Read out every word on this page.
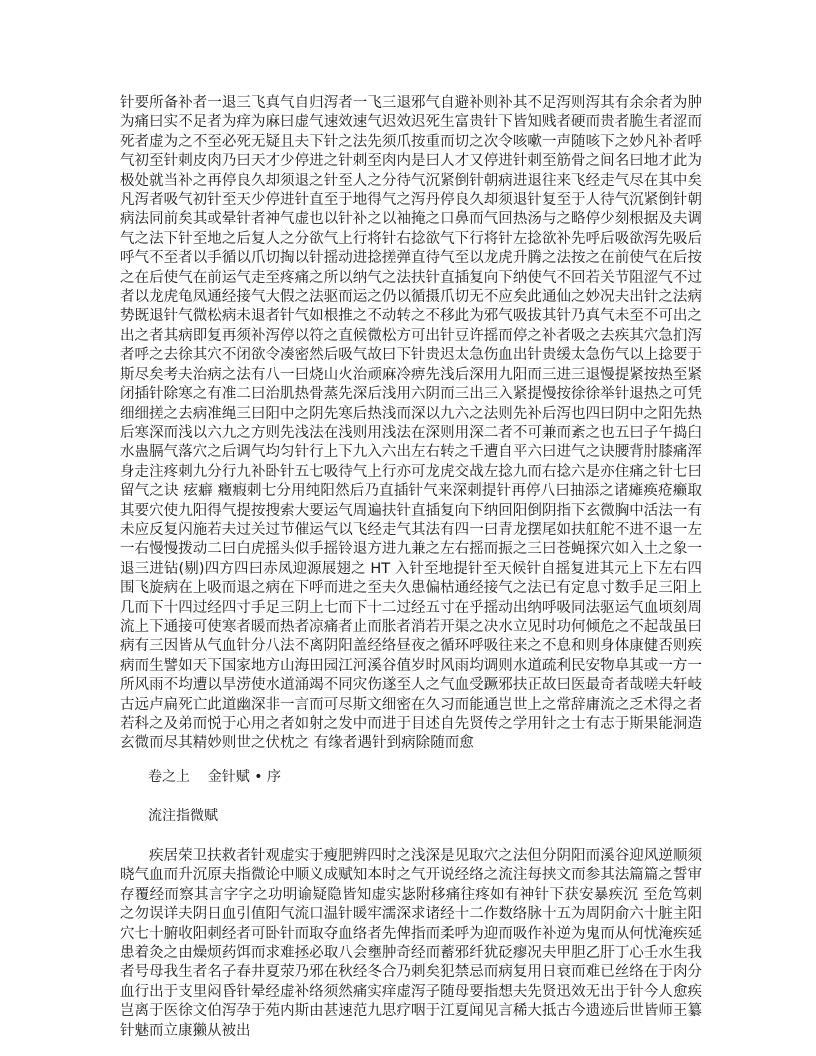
针要所备补者一退三飞真气自归泻者一飞三退邪气自避补则补其不足泻则泻其有余余者为肿为痛曰实不足者为痒为麻曰虚气速效速气迟效迟死生富贵针下皆知贱者硬而贵者脆生者涩而死者虚为之不至必死无疑且夫下针之法先须爪按重而切之次令咳嗽一声随咳下之妙凡补者呼气初至针刺皮肉乃曰天才少停进之针刺至肉内是曰人才又停进针刺至筋骨之间名曰地才此为极处就当补之再停良久却须退之针至人之分待气沉紧倒针朝病进退往来飞经走气尽在其中矣凡泻者吸气初针至天少停进针直至于地得气之泻丹停良久却须退针复至于人待气沉紧倒针朝病法同前矣其或晕针者神气虚也以针补之以袖掩之口鼻而气回热汤与之略停少刻根据及夫调气之法下针至地之后复人之分欲气上行将针右捻欲气下行将针左捻欲补先呼后吸欲泻先吸后呼气不至者以手循以爪切掏以针摇动进捻搓弹直待气至以龙虎升腾之法按之在前使气在后按之在后使气在前运气走至疼痛之所以纳气之法扶针直插复向下纳使气不回若关节阻涩气不过者以龙虎龟凤通经接气大假之法驱而运之仍以循摄爪切无不应矣此通仙之妙况夫出针之法病势既退针气微松病未退者针气如根推之不动转之不移此为邪气吸拔其针乃真气未至不可出之出之者其病即复再须补泻停以符之直候微松方可出针豆许摇而停之补者吸之去疾其穴急扪泻者呼之去徐其穴不闭欲令凑密然后吸气故曰下针贵迟太急伤血出针贵缓太急伤气以上捻要于斯尽矣考夫治病之法有八一曰烧山火治顽麻冷痹先浅后深用九阳而三进三退慢提紧按热至紧闭插针除寒之有准二曰治肌热骨蒸先深后浅用六阴而三出三入紧提慢按徐徐举针退热之可凭 细细搓之去病准绳三曰阳中之阴先寒后热浅而深以九六之法则先补后泻也四曰阴中之阳先热后寒深而浅以六九之方则先浅法在浅则用浅法在深则用深二者不可兼而紊之也五曰子午捣臼水蛊膈气落穴之后调气均匀针行上下九入六出左右转之千遭自平六曰进气之诀腰背肘膝痛浑身走注疼刺九分行九补卧针五七吸待气上行亦可龙虎交战左捻九而右捻六是亦住痛之针七曰留气之诀 痃癖 癥瘕刺七分用纯阳然后乃直插针气来深刺提针再停八曰抽添之诸瘫痪疮癞取其要穴使九阳得气提按搜索大要运气周遍扶针直插复向下纳回阳倒阴指下玄微胸中活法一有未应反复闪施若夫过关过节催运气以飞经走气其法有四一曰青龙摆尾如扶舡舵不进不退一左一右慢慢拨动二曰白虎摇头似手摇铃退方进九兼之左右摇而振之三曰苍蝇探穴如入土之象一退三进钻(剔)四方四曰赤凤迎源展翅之 HT 入针至地提针至天候针自摇复进其元上下左右四围飞旋病在上吸而退之病在下呼而进之至夫久患偏枯通经接气之法已有定息寸数手足三阳上几而下十四过经四寸手足三阴上七而下十二过经五寸在乎摇动出纳呼吸同法驱运气血顷刻周流上下通接可使寒者暖而热者凉痛者止而胀者消若开渠之决水立见时功何倾危之不起哉虽曰病有三因皆从气血针分八法不离阴阳盖经络昼夜之循环呼吸往来之不息和则身体康健否则疾病而生譬如天下国家地方山海田园江河溪谷值岁时风雨均调则水道疏利民安物阜其或一方一所风雨不均遭以旱涝使水道涌竭不同灾伤遂至人之气血受蹶邪扶正故曰医最奇者哉嗟夫轩岐古远卢扁死亡此道幽深非一言而可尽斯文细密在久习而能通岂世上之常辞庸流之乏术得之者若科之及弟而悦于心用之者如射之发中而进于目述自先贤传之学用针之士有志于斯果能洞造玄微而尽其精妙则世之伏枕之 有缘者遇针到病除随而愈

卷之上    金针赋 • 序
流注指微赋

疾居荣卫扶救者针观虚实于瘦肥辨四时之浅深是见取穴之法但分阴阳而溪谷迎风逆顺须晓气血而升沉原夫指微论中顺义成赋知本时之气开说经络之流注每挟文而参其法篇篇之誓审存覆经而察其言字字之功明谕疑隐皆知虚实毖附移痛往疼如有神针下获安暴疾沉 至危笃刺之勿误详夫阴日血引值阳气流口温针暖牢濡深求诸经十二作数络脉十五为周阴俞六十脏主阳穴七十腑收阳刺经者可卧针而取夺血络者先俾指而柔呼为迎而吸作补逆为鬼而从何忧淹疾延患着灸之由燥烦药饵而求难拯必取八会壅肿奇经而蓄邪纤犹砭瘳况夫甲胆乙肝丁心壬水生我者号母我生者名子春井夏荥乃邪在秋经冬合乃刺矣犯禁忌而病复用日衰而难已丝络在于肉分血行出于支里闷昏针晕经虚补络须然痛实痒虚泻子随母要指想夫先贤迅效无出于针今人愈疾岂离于医徐文伯泻孕于苑内斯由甚速范九思疗咽于江夏闻见言稀大抵古今遗迹后世皆师王纂针魅而立康獭从被出
